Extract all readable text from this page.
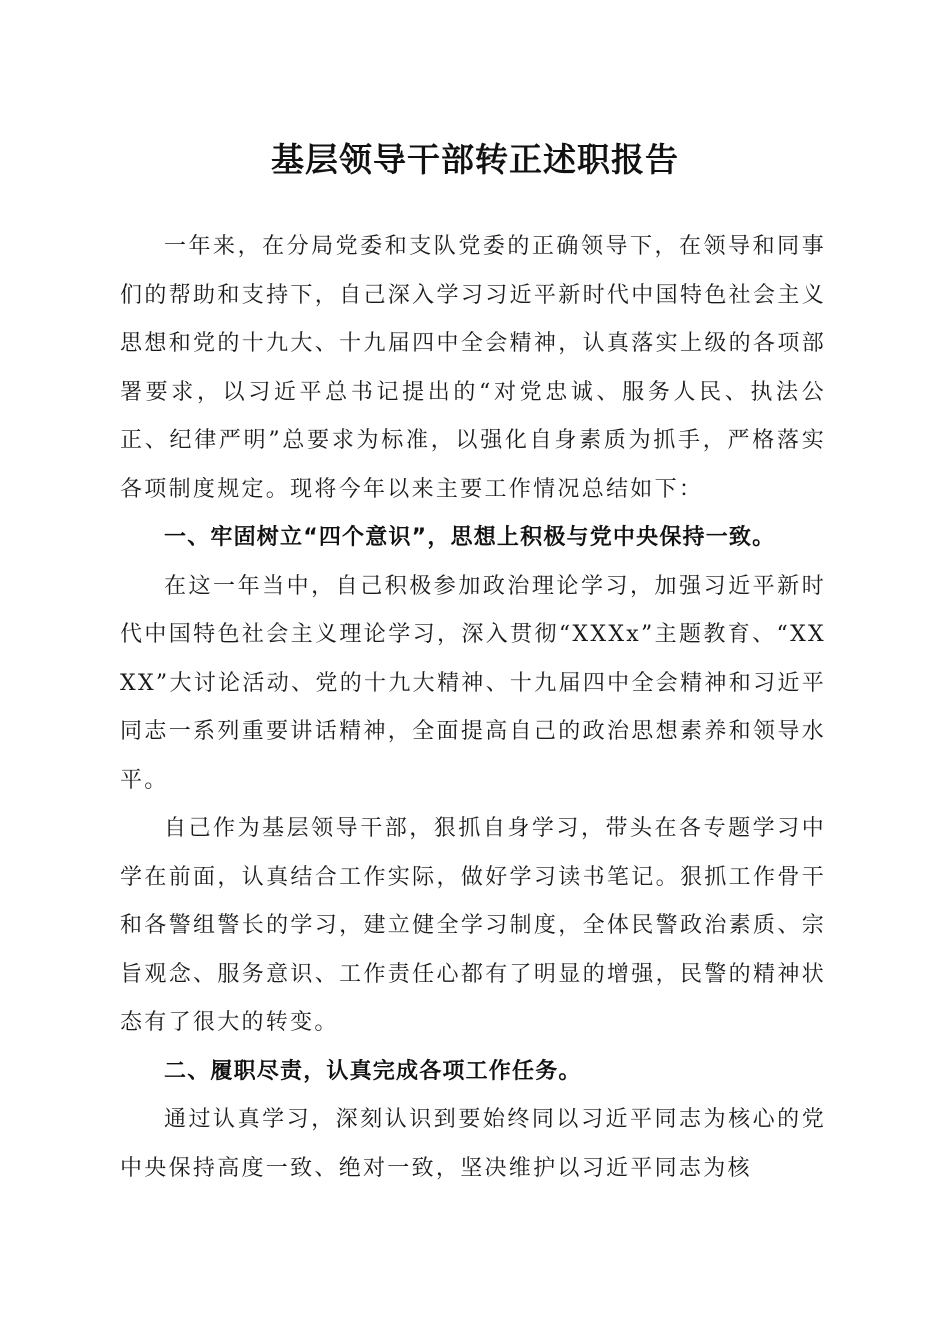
基层领导干部转正述职报告

一年来，在分局党委和支队党委的正确领导下，在领导和同事们的帮助和支持下，自己深入学习习近平新时代中国特色社会主义思想和党的十九大、十九届四中全会精神，认真落实上级的各项部署要求，以习近平总书记提出的“对党忠诚、服务人民、执法公正、纪律严明”总要求为标准，以强化自身素质为抓手，严格落实各项制度规定。现将今年以来主要工作情况总结如下：

一、牢固树立“四个意识”，思想上积极与党中央保持一致。

在这一年当中，自己积极参加政治理论学习，加强习近平新时代中国特色社会主义理论学习，深入贯彻“XXXx”主题教育、“XXXX”大讨论活动、党的十九大精神、十九届四中全会精神和习近平同志一系列重要讲话精神，全面提高自己的政治思想素养和领导水平。

自己作为基层领导干部，狠抓自身学习，带头在各专题学习中学在前面，认真结合工作实际，做好学习读书笔记。狠抓工作骨干和各警组警长的学习，建立健全学习制度，全体民警政治素质、宗旨观念、服务意识、工作责任心都有了明显的增强，民警的精神状态有了很大的转变。

二、履职尽责，认真完成各项工作任务。

通过认真学习，深刻认识到要始终同以习近平同志为核心的党中央保持高度一致、绝对一致，坚决维护以习近平同志为核
